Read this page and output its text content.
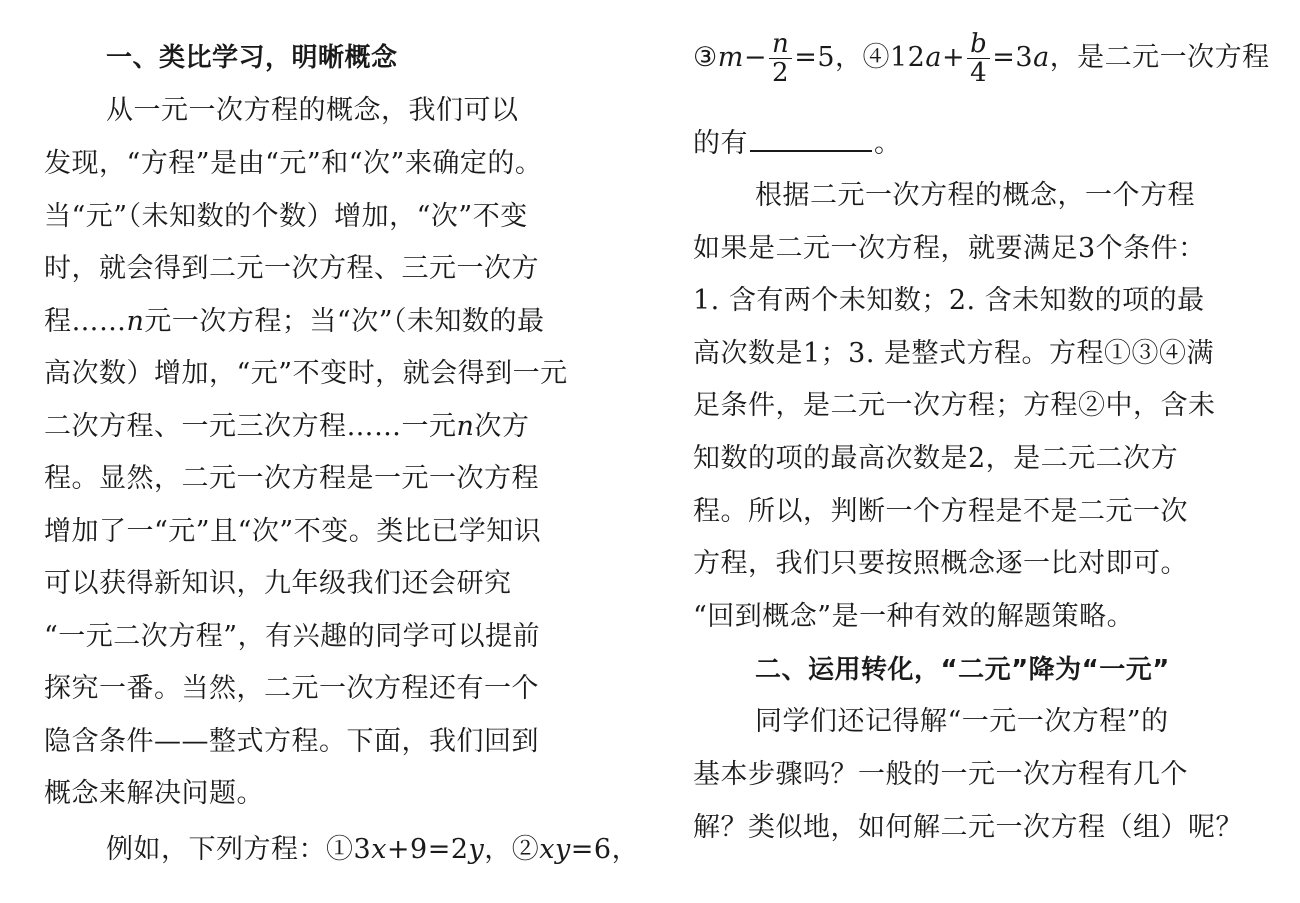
一、类比学习，明晰概念
从一元一次方程的概念，我们可以
发现，“方程”是由“元”和“次”来确定的。
当“元”（未知数的个数）增加，“次”不变
时，就会得到二元一次方程、三元一次方
程……n元一次方程；当“次”（未知数的最
高次数）增加，“元”不变时，就会得到一元
二次方程、一元三次方程……一元n次方
程。显然，二元一次方程是一元一次方程
增加了一“元”且“次”不变。类比已学知识
可以获得新知识，九年级我们还会研究
“一元二次方程”，有兴趣的同学可以提前
探究一番。当然，二元一次方程还有一个
隐含条件——整式方程。下面，我们回到
概念来解决问题。
例如，下列方程：①3x+9=2y，②xy=6，
③m− $\frac{n}{2} =5$，④12a+ $\frac{b}{4} =3a$，是二元一次方程
的有	。
根据二元一次方程的概念，一个方程
如果是二元一次方程，就要满足3个条件：
1. 含有两个未知数；2. 含未知数的项的最
高次数是1；3. 是整式方程。方程①③④满
足条件，是二元一次方程；方程②中，含未
知数的项的最高次数是2，是二元二次方
程。所以，判断一个方程是不是二元一次
方程，我们只要按照概念逐一比对即可。
“回到概念”是一种有效的解题策略。
二、运用转化，“二元”降为“一元”
同学们还记得解“一元一次方程”的
基本步骤吗？一般的一元一次方程有几个
解？类似地，如何解二元一次方程（组）呢？
